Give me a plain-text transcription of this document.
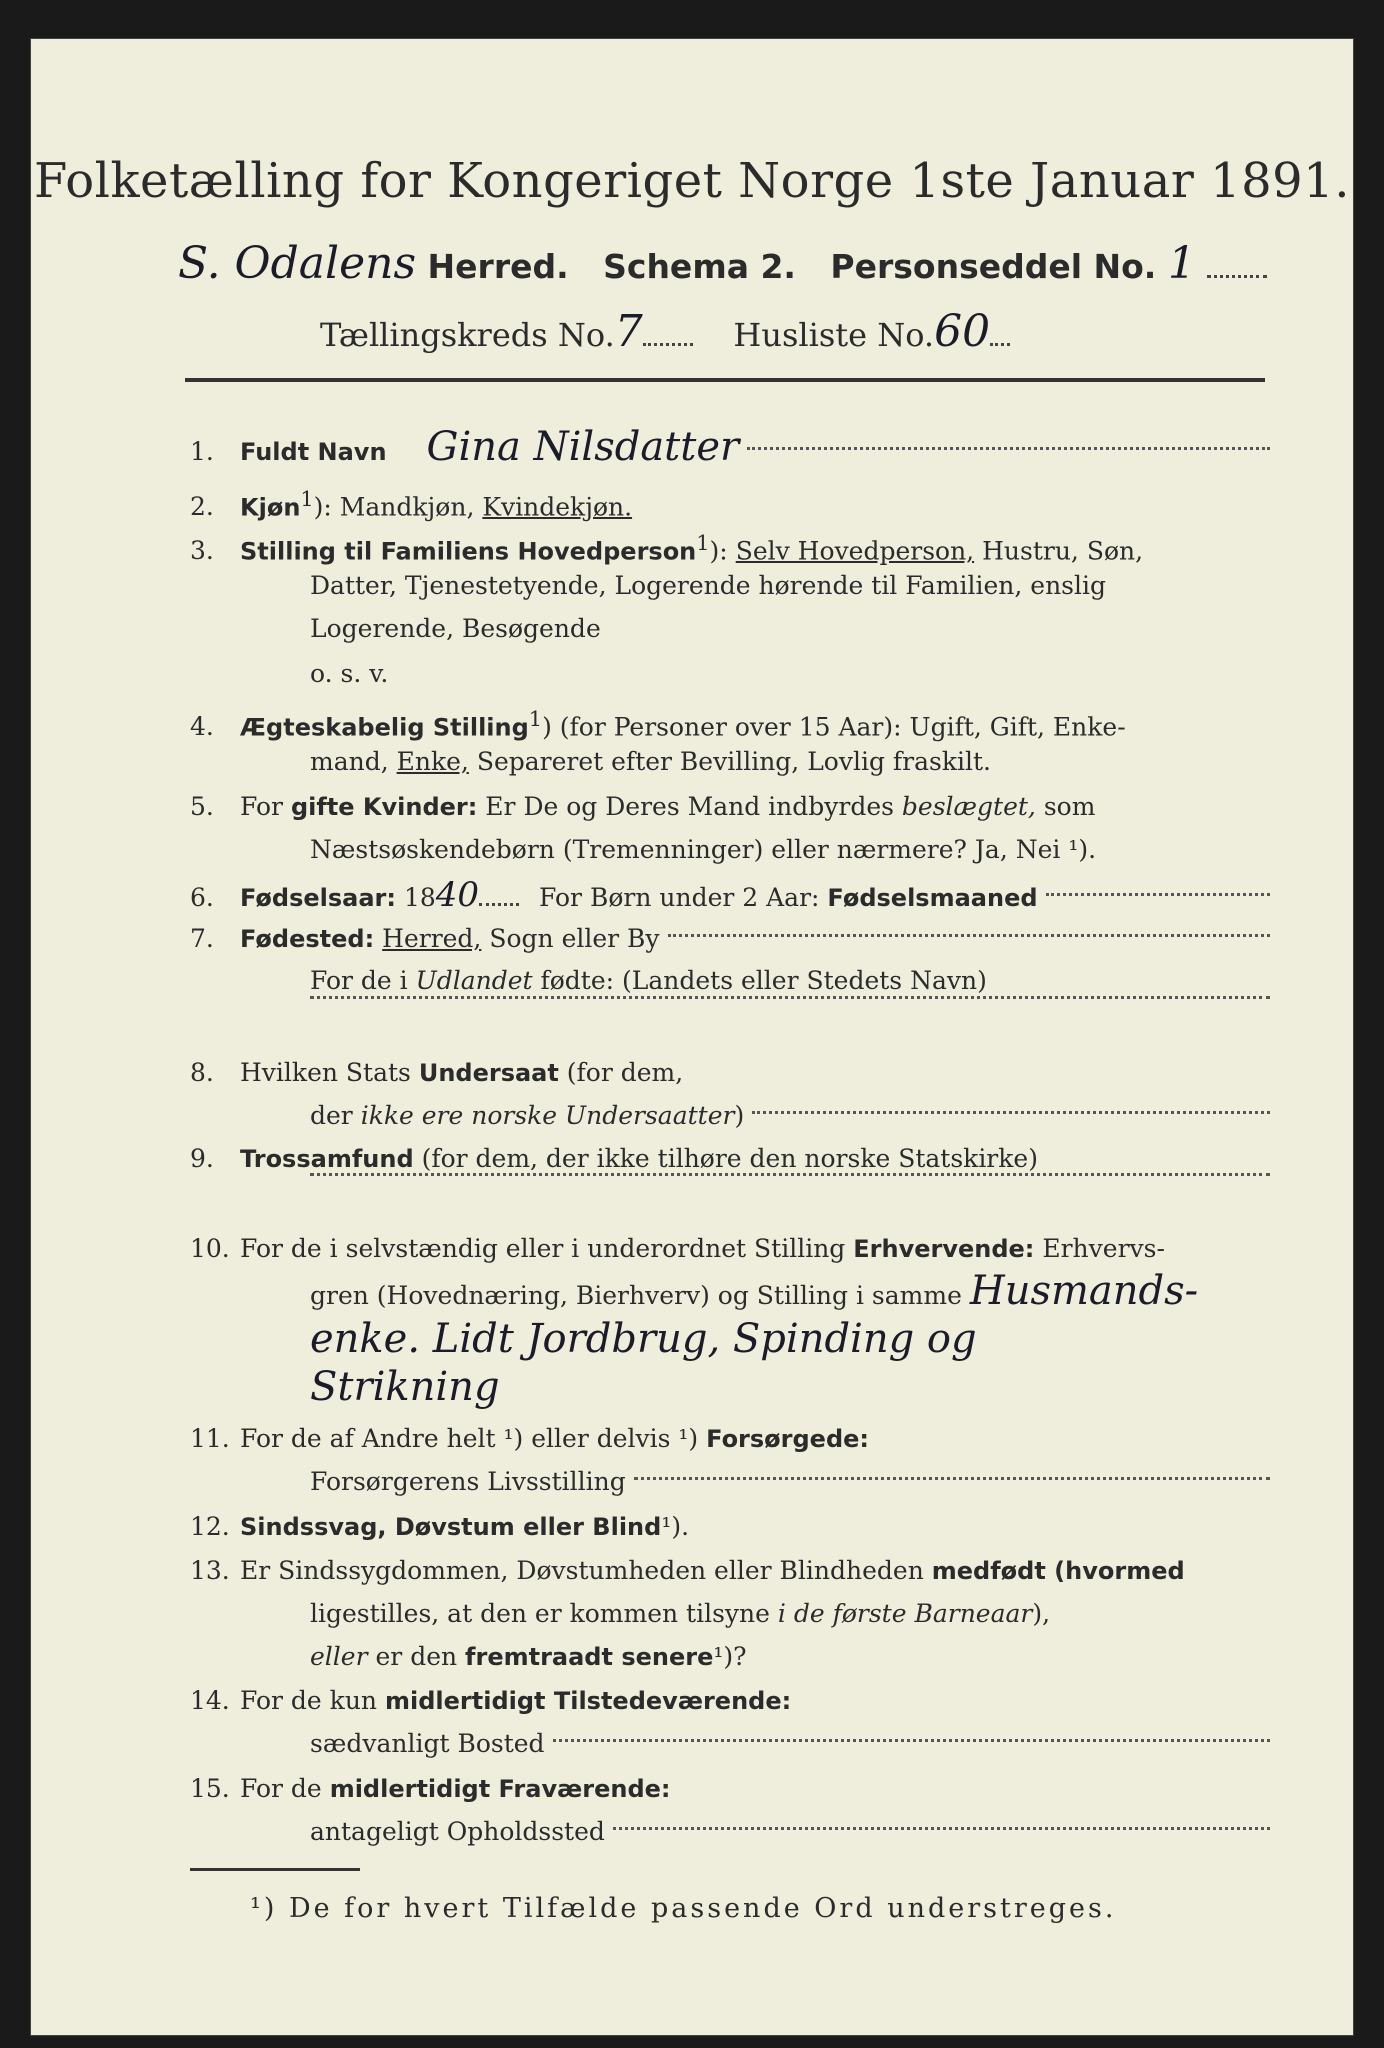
Folketælling for Kongeriget Norge 1ste Januar 1891.
S. Odalens Herred. Schema 2. Personseddel No. 1
Tællingskreds No.7	Husliste No.60
1.	Fuldt Navn Gina Nilsdatter
2. Kjøn$^1$): Mandkjøn, Kvindekjøn.
3. Stilling til Familiens Hovedperson$^1$): Selv Hovedperson, Hustru, Søn,
Datter, Tjenestetyende, Logerende hørende til Familien, enslig
Logerende, Besøgende
o. s. v.
4. Ægteskabelig Stilling$^1$) (for Personer over 15 Aar): Ugift, Gift, Enke-
mand, Enke, Separeret efter Bevilling, Lovlig fraskilt.
5. For gifte Kvinder: Er De og Deres Mand indbyrdes beslægtet, som
Næstsøskendebørn (Tremenninger) eller nærmere? Ja, Nei ¹).
6.	Fødselsaar:
18 40 For Børn under 2 Aar:
Fødselsmaaned
7.	Fødested:
Herred,
Sogn eller By
For de i Udlandet fødte: (Landets eller Stedets Navn)
8. Hvilken Stats Undersaat (for dem,
der
ikke ere norske Undersaatter )
9. Trossamfund (for dem, der ikke tilhøre den norske Statskirke)
10. For de i selvstændig eller i underordnet Stilling Erhvervende: Erhvervs-
gren (Hovednæring, Bierhverv) og Stilling i samme Husmands-
enke. Lidt Jordbrug, Spinding og
Strikning
11. For de af Andre helt ¹) eller delvis ¹) Forsørgede:
Forsørgerens Livsstilling
12. Sindssvag, Døvstum eller Blind¹).
13. Er Sindssygdommen, Døvstumheden eller Blindheden medfødt (hvormed
ligestilles, at den er kommen tilsyne i de første Barneaar),
eller er den fremtraadt senere¹)?
14. For de kun midlertidigt Tilstedeværende:
sædvanligt Bosted
15. For de midlertidigt Fraværende:
antageligt Opholdssted
¹) De for hvert Tilfælde passende Ord understreges.
